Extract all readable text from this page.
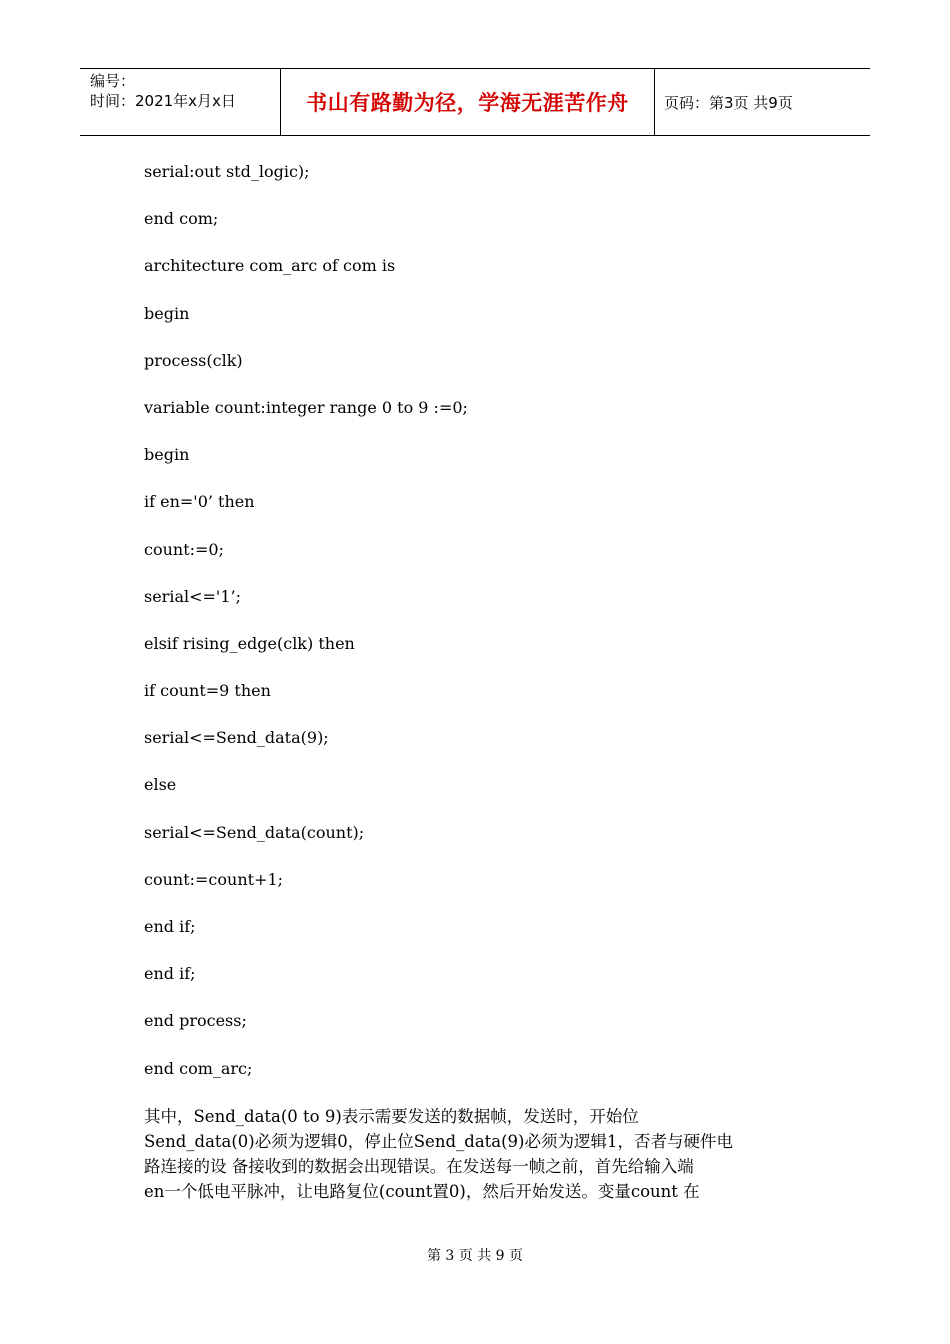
编号：
时间：2021年x月x日	书山有路勤为径，学海无涯苦作舟	页码：第3页 共9页
serial:out std_logic);
end com;
architecture com_arc of com is
begin
process(clk)
variable count:integer range 0 to 9 :=0;
begin
if en='0’ then
count:=0;
serial<='1’;
elsif rising_edge(clk) then
if count=9 then
serial<=Send_data(9);
else
serial<=Send_data(count);
count:=count+1;
end if;
end if;
end process;
end com_arc;
其中，Send_data(0 to 9)表示需要发送的数据帧，发送时，开始位
Send_data(0)必须为逻辑0，停止位Send_data(9)必须为逻辑1，否者与硬件电
路连接的设 备接收到的数据会出现错误。在发送每一帧之前，首先给输入端
en一个低电平脉冲，让电路复位(count置0)，然后开始发送。变量count 在
第 3 页 共 9 页
